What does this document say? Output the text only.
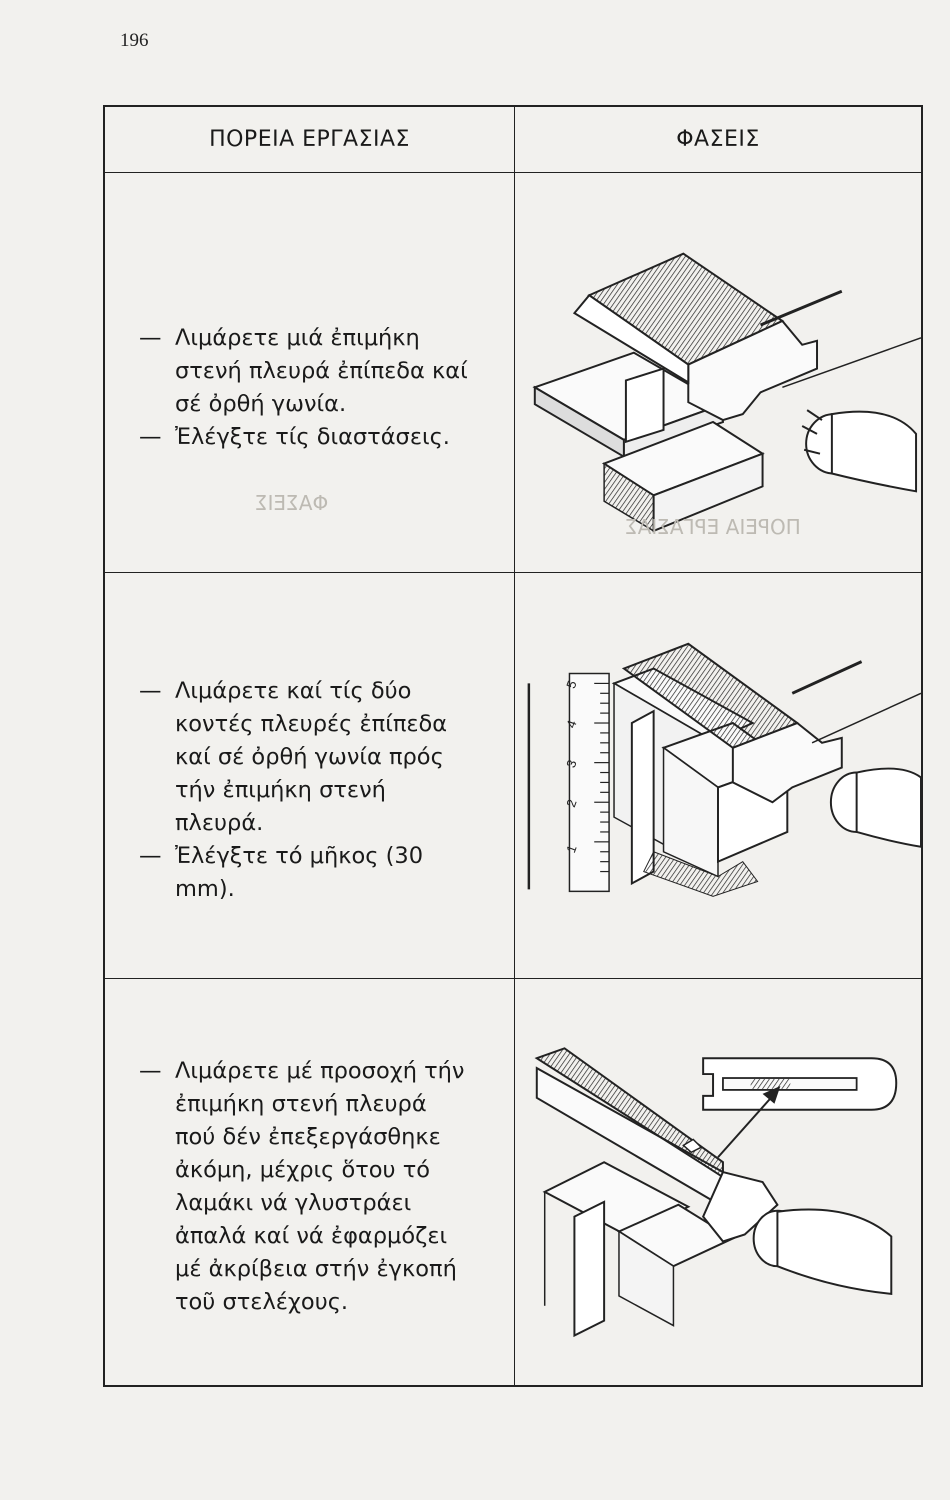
196
ΠΟΡΕΙΑ ΕΡΓΑΣΙΑΣ	ΦΑΣΕΙΣ
ΦΑΣΕΙΣ
— Λιμάρετε μιά ἐπιμήκη στενή πλευρά ἐπίπεδα καί σέ ὀρθή γωνία.
— Ἐλέγξτε τίς διαστάσεις.
ΠΟΡΕΙΑ ΕΡΓΑΣΙΑΣ
— Λιμάρετε καί τίς δύο κοντές πλευρές ἐπίπεδα καί σέ ὀρθή γωνία πρός τήν ἐπιμήκη στενή πλευρά.
— Ἐλέγξτε τό μῆκος (30 mm).
1
2
3
4
5
— Λιμάρετε μέ προσοχή τήν ἐπιμήκη στενή πλευρά πού δέν ἐπεξεργάσθηκε ἀκόμη, μέχρις ὅτου τό λαμάκι νά γλυστράει ἀπαλά καί νά ἐφαρμόζει μέ ἀκρίβεια στήν ἐγκοπή τοῦ στελέχους.
